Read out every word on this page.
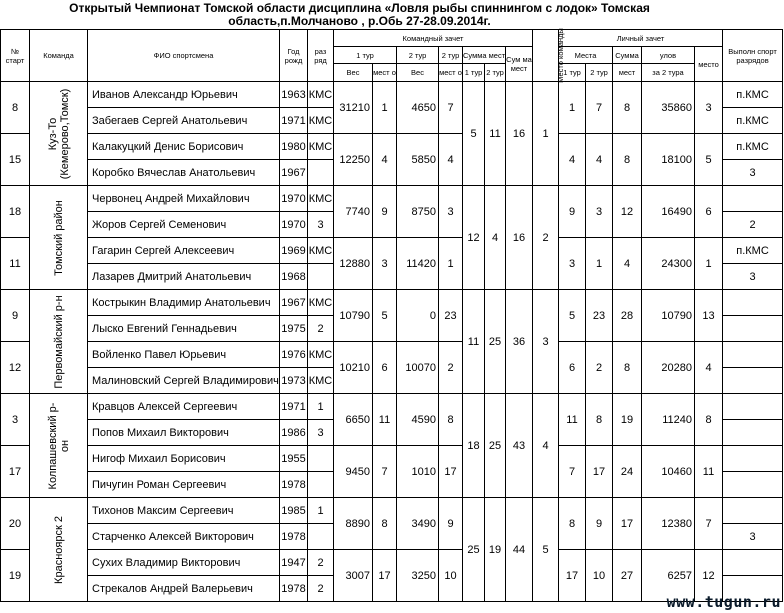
Открытый Чемпионат Томской области дисциплина «Ловля рыбы спиннингом с лодок» Томская область,п.Молчаново , р.Обь 27-28.09.2014г.
№ старт	Команда	ФИО спортсмена	Год рожд	раз ряд	Командный зачет							Место команды	Личный зачет					Выполн спорт разрядов
					1 тур		2 тур	2 тур	Сумма мест		Сум ма мест		Места		Сумма	улов	место	
					Вес	мест о	Вес	мест о	1 тур	2 тур			1 тур	2 тур	мест	за 2 тура		
8	Куз-То (Кемерово,Томск)	Иванов Александр Юрьевич	1963	КМС	31210	1	4650	7	5	11	16	1	1	7	8	35860	3	п.КМС
		Забегаев Сергей Анатольевич	1971	КМС														п.КМС
15		Калакуцкий Денис Борисович	1980	КМС	12250	4	5850	4					4	4	8	18100	5	п.КМС
		Коробко Вячеслав Анатольевич	1967															3
18	Томский район	Червонец Андрей Михайлович	1970	КМС	7740	9	8750	3	12	4	16	2	9	3	12	16490	6	
		Жоров Сергей Семенович	1970	3														2
11		Гагарин Сергей Алексеевич	1969	КМС	12880	3	11420	1					3	1	4	24300	1	п.КМС
		Лазарев Дмитрий Анатольевич	1968															3
9	Первомайский р-н	Кострыкин Владимир Анатольевич	1967	КМС	10790	5	0	23	11	25	36	3	5	23	28	10790	13	
		Лыско Евгений Геннадьевич	1975	2														
12		Войленко Павел Юрьевич	1976	КМС	10210	6	10070	2					6	2	8	20280	4	
		Малиновский Сергей Владимирович	1973	КМС														
3	Колпашевский р-он	Кравцов Алексей Сергеевич	1971	1	6650	11	4590	8	18	25	43	4	11	8	19	11240	8	
		Попов Михаил Викторович	1986	3														
17		Нигоф Михаил Борисович	1955		9450	7	1010	17					7	17	24	10460	11	
		Пичугин Роман Сергеевич	1978															
20	Красноярск 2	Тихонов Максим Сергеевич	1985	1	8890	8	3490	9	25	19	44	5	8	9	17	12380	7	
		Старченко Алексей Викторович	1978															3
19		Сухих Владимир Викторович	1947	2	3007	17	3250	10					17	10	27	6257	12	
		Стрекалов Андрей Валерьевич	1978	2														
www.tugun.ru
